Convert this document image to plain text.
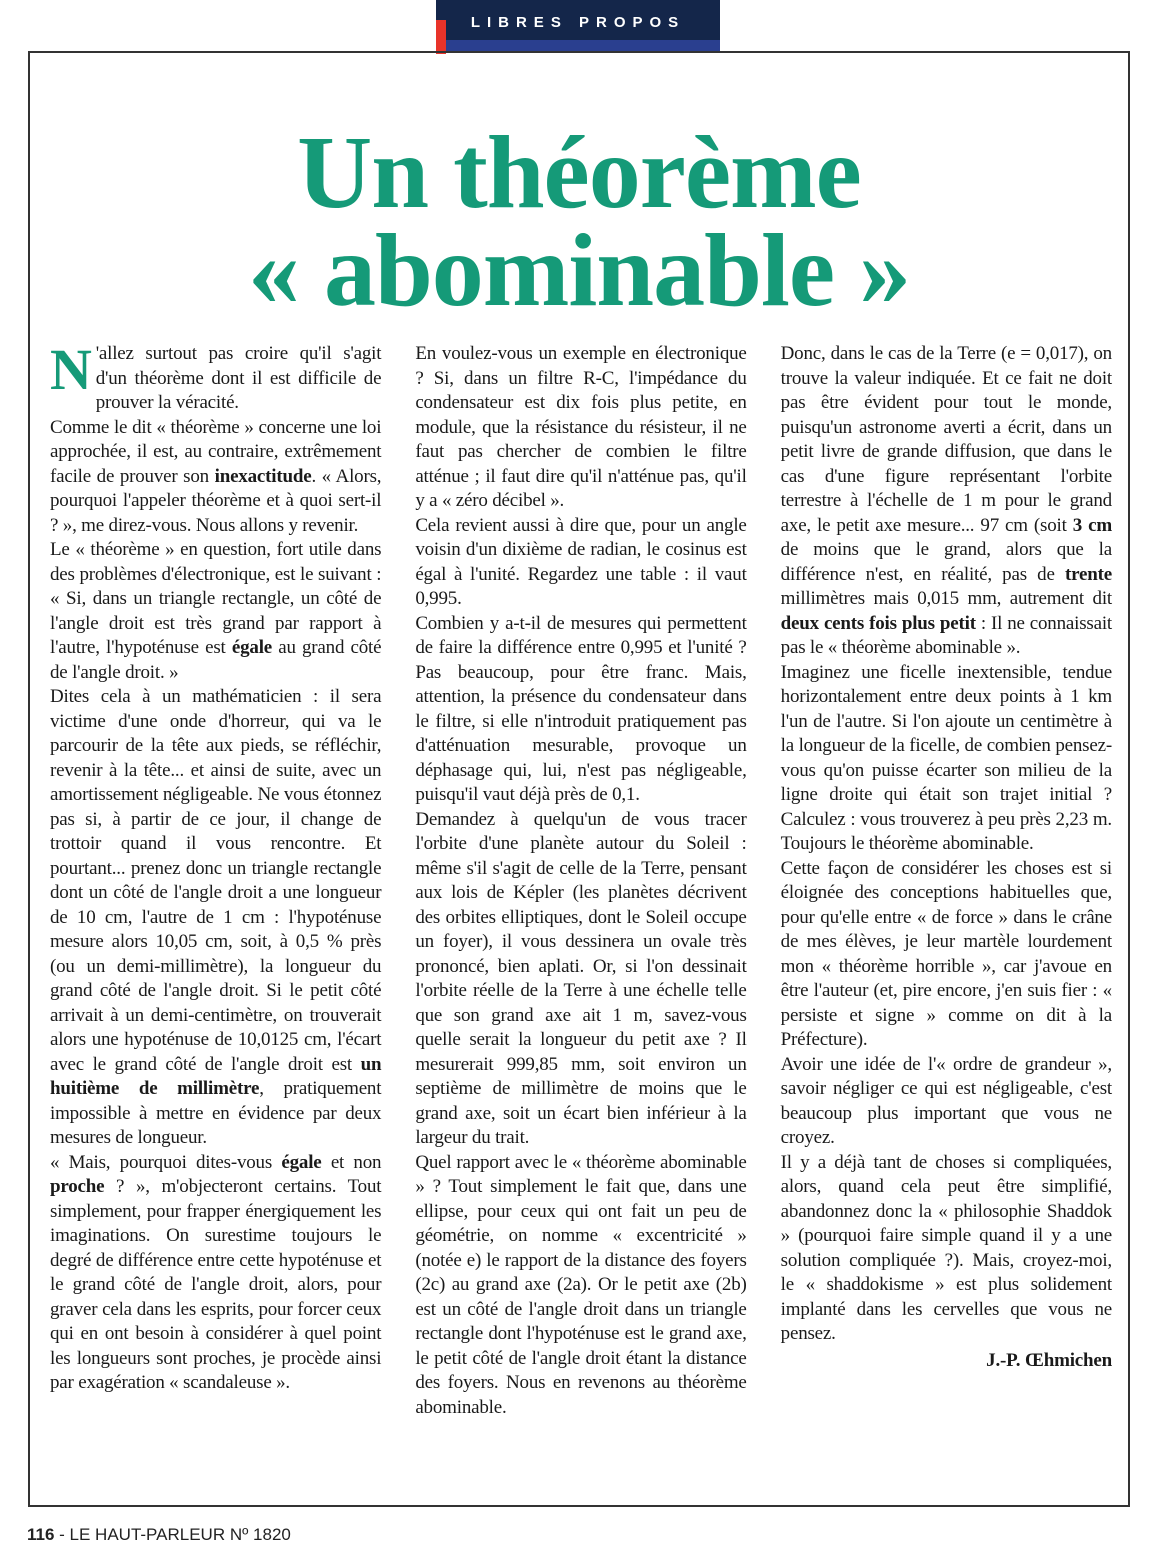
LIBRES PROPOS
Un théorème
« abominable »

N 'allez surtout pas croire qu'il s'agit d'un théorème dont il est difficile de prouver la véracité.

Comme le dit « théorème » concerne une loi approchée, il est, au contraire, extrêmement facile de prouver son inexactitude. « Alors, pourquoi l'appeler théorème et à quoi sert-il ? », me direz-vous. Nous allons y revenir.

Le « théorème » en question, fort utile dans des problèmes d'électronique, est le suivant : « Si, dans un triangle rectangle, un côté de l'angle droit est très grand par rapport à l'autre, l'hypoténuse est égale au grand côté de l'angle droit. »

Dites cela à un mathématicien : il sera victime d'une onde d'horreur, qui va le parcourir de la tête aux pieds, se réfléchir, revenir à la tête... et ainsi de suite, avec un amortissement négligeable. Ne vous étonnez pas si, à partir de ce jour, il change de trottoir quand il vous rencontre. Et pourtant... prenez donc un triangle rectangle dont un côté de l'angle droit a une longueur de 10 cm, l'autre de 1 cm : l'hypoténuse mesure alors 10,05 cm, soit, à 0,5 % près (ou un demi-millimètre), la longueur du grand côté de l'angle droit. Si le petit côté arrivait à un demi-centimètre, on trouverait alors une hypoténuse de 10,0125 cm, l'écart avec le grand côté de l'angle droit est un huitième de millimètre, pratiquement impossible à mettre en évidence par deux mesures de longueur.

« Mais, pourquoi dites-vous égale et non proche ? », m'objecteront certains. Tout simplement, pour frapper énergiquement les imaginations. On surestime toujours le degré de différence entre cette hypoténuse et le grand côté de l'angle droit, alors, pour graver cela dans les esprits, pour forcer ceux qui en ont besoin à considérer à quel point les longueurs sont proches, je procède ainsi par exagération « scandaleuse ».

En voulez-vous un exemple en électronique ? Si, dans un filtre R-C, l'impédance du condensateur est dix fois plus petite, en module, que la résistance du résisteur, il ne faut pas chercher de combien le filtre atténue ; il faut dire qu'il n'atténue pas, qu'il y a « zéro décibel ».

Cela revient aussi à dire que, pour un angle voisin d'un dixième de radian, le cosinus est égal à l'unité. Regardez une table : il vaut 0,995.

Combien y a-t-il de mesures qui permettent de faire la différence entre 0,995 et l'unité ? Pas beaucoup, pour être franc. Mais, attention, la présence du condensateur dans le filtre, si elle n'introduit pratiquement pas d'atténuation mesurable, provoque un déphasage qui, lui, n'est pas négligeable, puisqu'il vaut déjà près de 0,1.

Demandez à quelqu'un de vous tracer l'orbite d'une planète autour du Soleil : même s'il s'agit de celle de la Terre, pensant aux lois de Képler (les planètes décrivent des orbites elliptiques, dont le Soleil occupe un foyer), il vous dessinera un ovale très prononcé, bien aplati. Or, si l'on dessinait l'orbite réelle de la Terre à une échelle telle que son grand axe ait 1 m, savez-vous quelle serait la longueur du petit axe ? Il mesurerait 999,85 mm, soit environ un septième de millimètre de moins que le grand axe, soit un écart bien inférieur à la largeur du trait.

Quel rapport avec le « théorème abominable » ? Tout simplement le fait que, dans une ellipse, pour ceux qui ont fait un peu de géométrie, on nomme « excentricité » (notée e) le rapport de la distance des foyers (2c) au grand axe (2a). Or le petit axe (2b) est un côté de l'angle droit dans un triangle rectangle dont l'hypoténuse est le grand axe, le petit côté de l'angle droit étant la distance des foyers. Nous en revenons au théorème abominable.

Donc, dans le cas de la Terre (e = 0,017), on trouve la valeur indiquée. Et ce fait ne doit pas être évident pour tout le monde, puisqu'un astronome averti a écrit, dans un petit livre de grande diffusion, que dans le cas d'une figure représentant l'orbite terrestre à l'échelle de 1 m pour le grand axe, le petit axe mesure... 97 cm (soit 3 cm de moins que le grand, alors que la différence n'est, en réalité, pas de trente millimètres mais 0,015 mm, autrement dit deux cents fois plus petit : Il ne connaissait pas le « théorème abominable ».

Imaginez une ficelle inextensible, tendue horizontalement entre deux points à 1 km l'un de l'autre. Si l'on ajoute un centimètre à la longueur de la ficelle, de combien pensez-vous qu'on puisse écarter son milieu de la ligne droite qui était son trajet initial ? Calculez : vous trouverez à peu près 2,23 m. Toujours le théorème abominable.

Cette façon de considérer les choses est si éloignée des conceptions habituelles que, pour qu'elle entre « de force » dans le crâne de mes élèves, je leur martèle lourdement mon « théorème horrible », car j'avoue en être l'auteur (et, pire encore, j'en suis fier : « persiste et signe » comme on dit à la Préfecture).

Avoir une idée de l'« ordre de grandeur », savoir négliger ce qui est négligeable, c'est beaucoup plus important que vous ne croyez.

Il y a déjà tant de choses si compliquées, alors, quand cela peut être simplifié, abandonnez donc la « philosophie Shaddok » (pourquoi faire simple quand il y a une solution compliquée ?). Mais, croyez-moi, le « shaddokisme » est plus solidement implanté dans les cervelles que vous ne pensez.

J.-P. Œhmichen

116 - LE HAUT-PARLEUR Nº 1820
